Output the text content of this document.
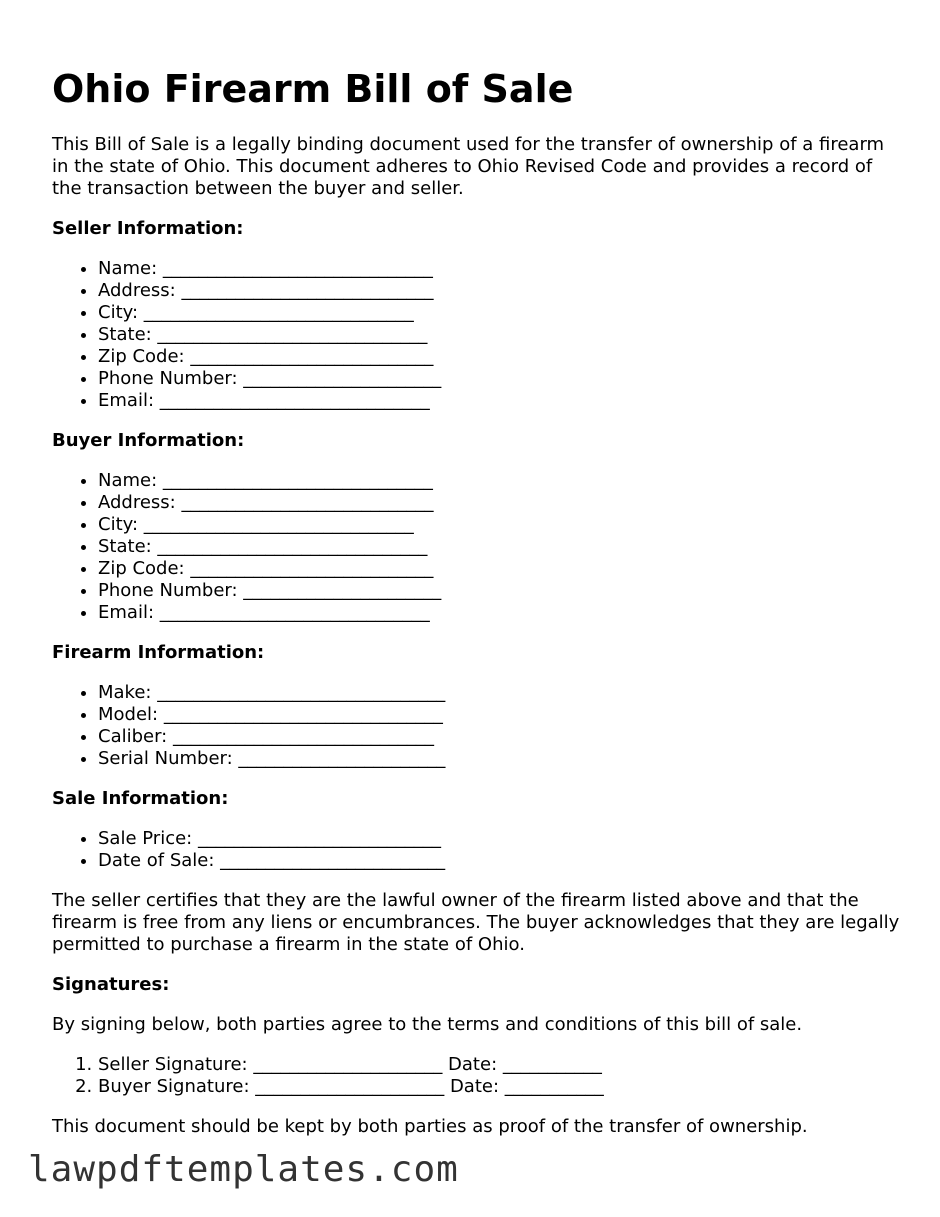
Ohio Firearm Bill of Sale

This Bill of Sale is a legally binding document used for the transfer of ownership of a firearm in the state of Ohio. This document adheres to Ohio Revised Code and provides a record of the transaction between the buyer and seller.

Seller Information:
• Name: ______________________________
• Address: ____________________________
• City: ______________________________
• State: ______________________________
• Zip Code: ___________________________
• Phone Number: ______________________
• Email: ______________________________
Buyer Information:
• Name: ______________________________
• Address: ____________________________
• City: ______________________________
• State: ______________________________
• Zip Code: ___________________________
• Phone Number: ______________________
• Email: ______________________________
Firearm Information:
• Make: ________________________________
• Model: _______________________________
• Caliber: _____________________________
• Serial Number: _______________________
Sale Information:
• Sale Price: ___________________________
• Date of Sale: _________________________

The seller certifies that they are the lawful owner of the firearm listed above and that the firearm is free from any liens or encumbrances. The buyer acknowledges that they are legally permitted to purchase a firearm in the state of Ohio.

Signatures:

By signing below, both parties agree to the terms and conditions of this bill of sale.

1. Seller Signature: _____________________ Date: ___________
2. Buyer Signature: _____________________ Date: ___________

This document should be kept by both parties as proof of the transfer of ownership.

lawpdftemplates.com
